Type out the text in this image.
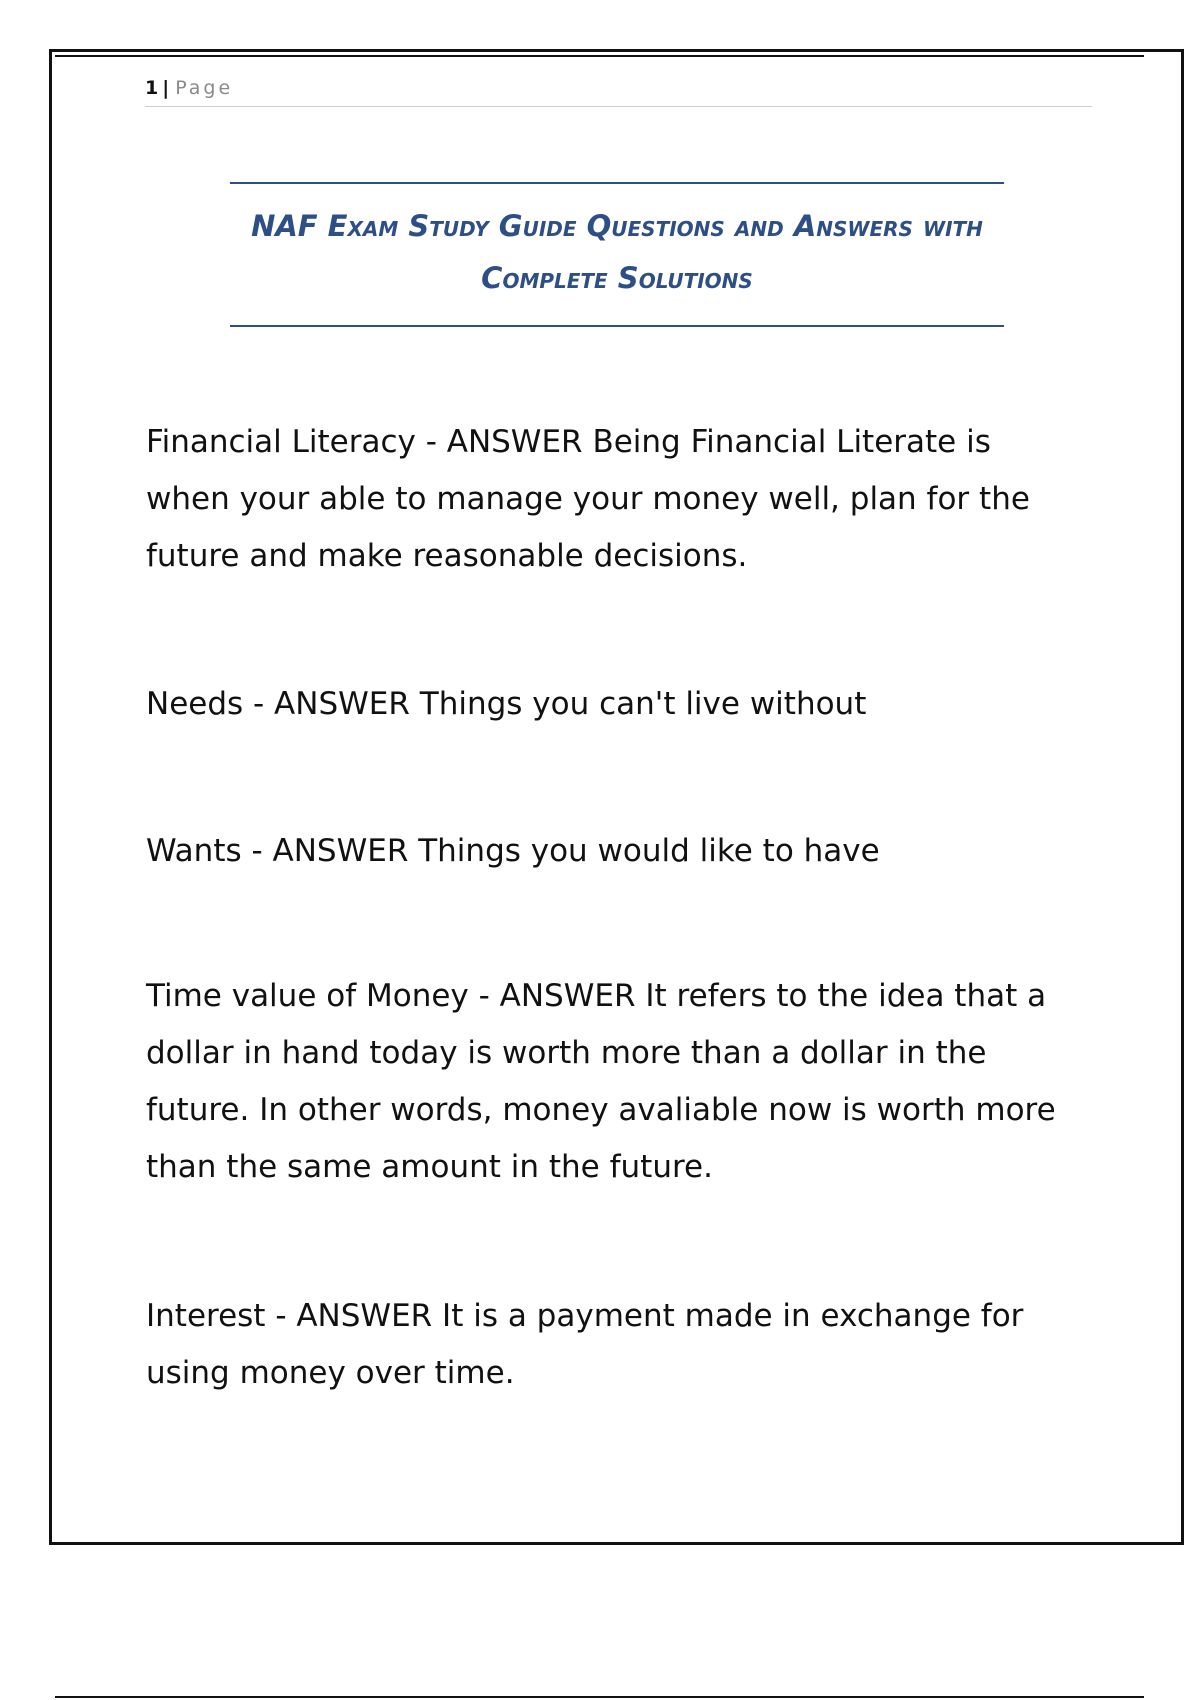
1 | Page
NAF Exam Study Guide Questions and Answers with
Complete Solutions

Financial Literacy - ANSWER Being Financial Literate is when your able to manage your money well, plan for the future and make reasonable decisions.

Needs - ANSWER Things you can't live without

Wants - ANSWER Things you would like to have

Time value of Money - ANSWER It refers to the idea that a dollar in hand today is worth more than a dollar in the future. In other words, money avaliable now is worth more than the same amount in the future.

Interest - ANSWER It is a payment made in exchange for using money over time.
